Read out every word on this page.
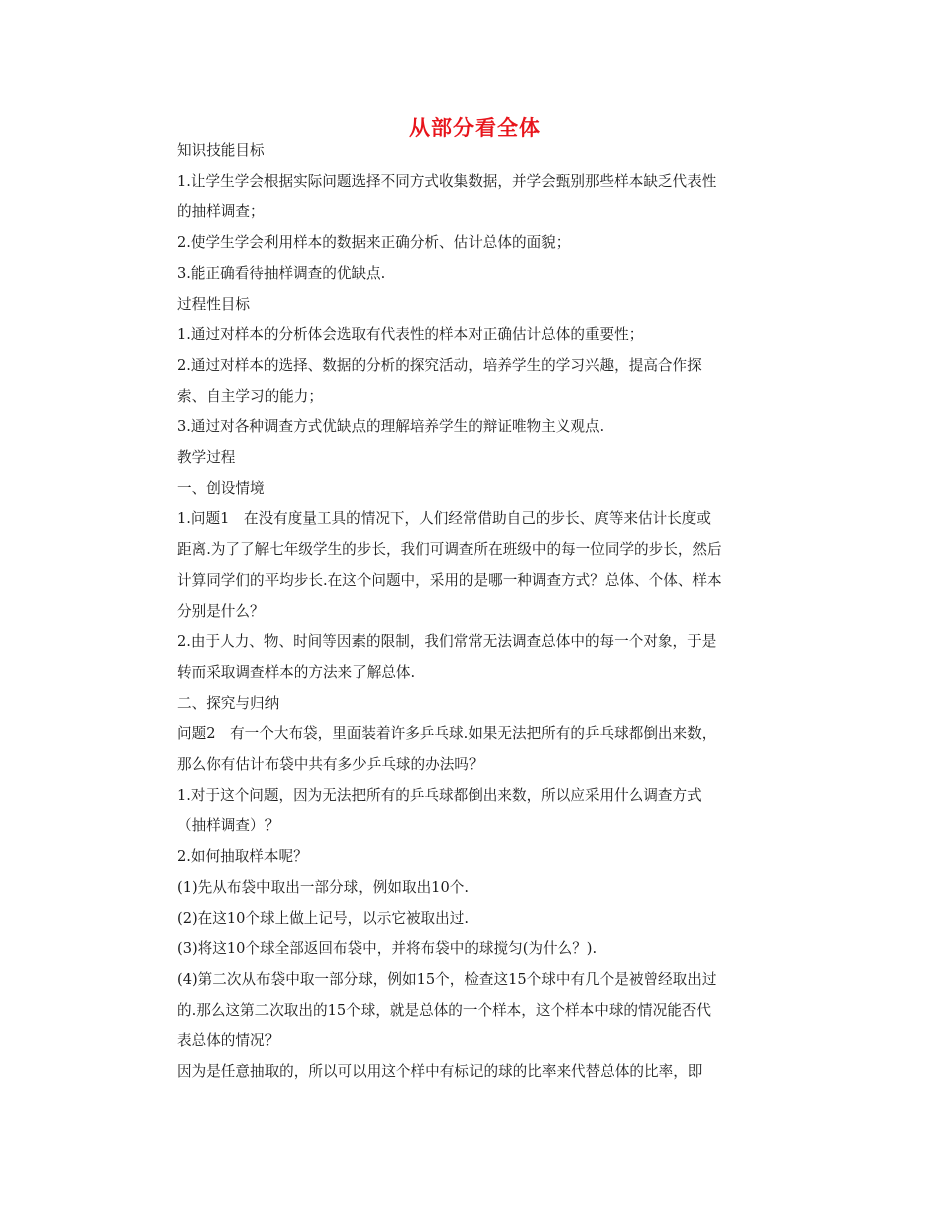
从部分看全体

知识技能目标

1.让学生学会根据实际问题选择不同方式收集数据，并学会甄别那些样本缺乏代表性的抽样调查；

2.使学生学会利用样本的数据来正确分析、估计总体的面貌；

3.能正确看待抽样调查的优缺点.

过程性目标

1.通过对样本的分析体会选取有代表性的样本对正确估计总体的重要性；

2.通过对样本的选择、数据的分析的探究活动，培养学生的学习兴趣，提高合作探索、自主学习的能力；

3.通过对各种调查方式优缺点的理解培养学生的辩证唯物主义观点.

教学过程

一、创设情境

1.问题1　在没有度量工具的情况下，人们经常借助自己的步长、庹等来估计长度或距离.为了了解七年级学生的步长，我们可调查所在班级中的每一位同学的步长，然后计算同学们的平均步长.在这个问题中，采用的是哪一种调查方式？总体、个体、样本分别是什么？

2.由于人力、物、时间等因素的限制，我们常常无法调查总体中的每一个对象，于是转而采取调查样本的方法来了解总体.

二、探究与归纳

问题2　有一个大布袋，里面装着许多乒乓球.如果无法把所有的乒乓球都倒出来数，那么你有估计布袋中共有多少乒乓球的办法吗？

1.对于这个问题，因为无法把所有的乒乓球都倒出来数，所以应采用什么调查方式（抽样调查）？

2.如何抽取样本呢？

(1)先从布袋中取出一部分球，例如取出10个.

(2)在这10个球上做上记号，以示它被取出过.

(3)将这10个球全部返回布袋中，并将布袋中的球搅匀(为什么？).

(4)第二次从布袋中取一部分球，例如15个，检查这15个球中有几个是被曾经取出过的.那么这第二次取出的15个球，就是总体的一个样本，这个样本中球的情况能否代表总体的情况？

因为是任意抽取的，所以可以用这个样中有标记的球的比率来代替总体的比率，即
